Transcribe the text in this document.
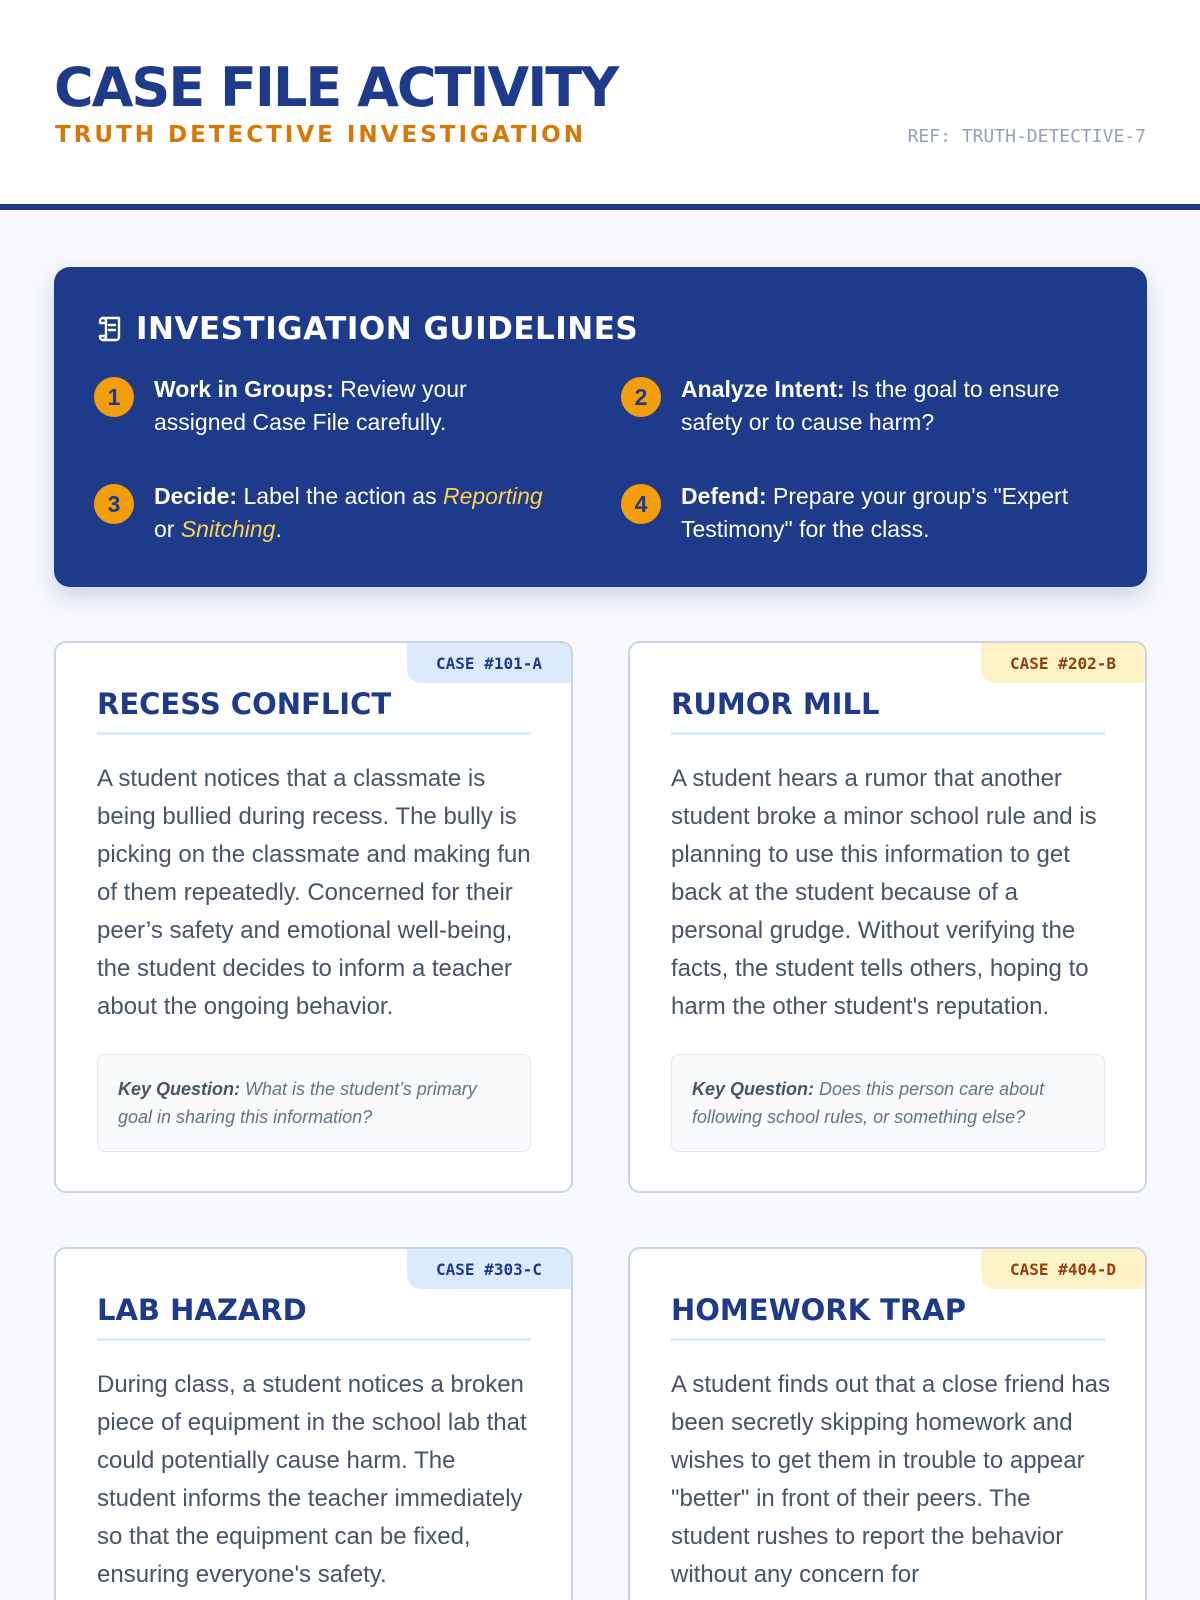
CASE FILE ACTIVITY
TRUTH DETECTIVE INVESTIGATION	REF: TRUTH-DETECTIVE-7
INVESTIGATION GUIDELINES
1	Work in Groups: Review your assigned Case File carefully.
2	Analyze Intent: Is the goal to ensure safety or to cause harm?
3	Decide: Label the action as Reporting or Snitching.
4	Defend: Prepare your group's "Expert Testimony" for the class.
CASE #101-A
RECESS CONFLICT

A student notices that a classmate is being bullied during recess. The bully is picking on the classmate and making fun of them repeatedly. Concerned for their peer’s safety and emotional well-being, the student decides to inform a teacher about the ongoing behavior.

Key Question: What is the student’s primary goal in sharing this information?
CASE #202-B
RUMOR MILL

A student hears a rumor that another student broke a minor school rule and is planning to use this information to get back at the student because of a personal grudge. Without verifying the facts, the student tells others, hoping to harm the other student's reputation.

Key Question: Does this person care about following school rules, or something else?
CASE #303-C
LAB HAZARD

During class, a student notices a broken piece of equipment in the school lab that could potentially cause harm. The student informs the teacher immediately so that the equipment can be fixed, ensuring everyone's safety.

CASE #404-D
HOMEWORK TRAP

A student finds out that a close friend has been secretly skipping homework and wishes to get them in trouble to appear "better" in front of their peers. The student rushes to report the behavior without any concern for
